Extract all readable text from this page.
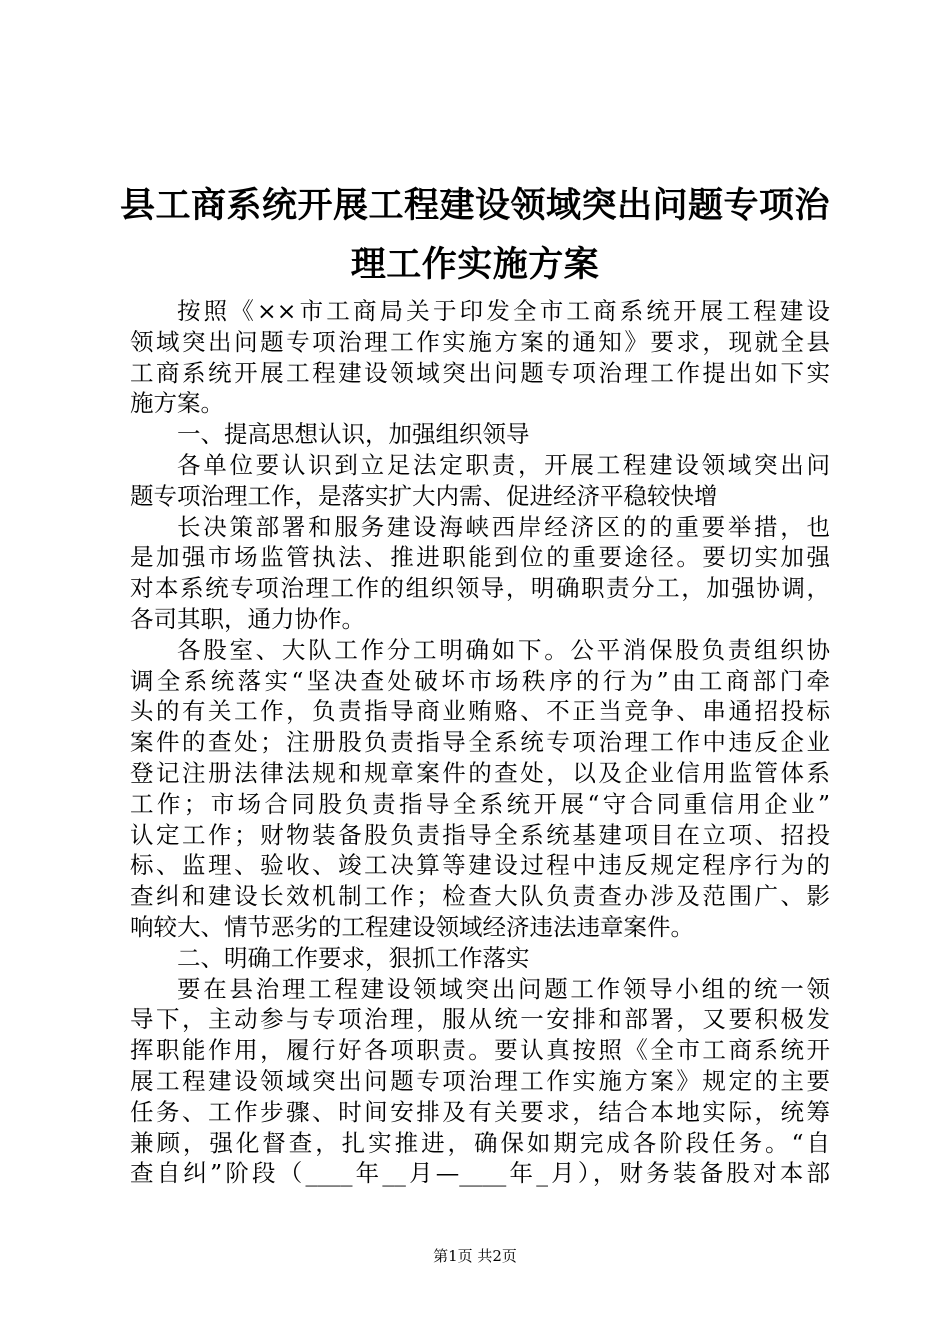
县工商系统开展工程建设领域突出问题专项治
理工作实施方案
按照《××市工商局关于印发全市工商系统开展工程建设
领域突出问题专项治理工作实施方案的通知》要求，现就全县
工商系统开展工程建设领域突出问题专项治理工作提出如下实
施方案。
一、提高思想认识，加强组织领导
各单位要认识到立足法定职责，开展工程建设领域突出问
题专项治理工作，是落实扩大内需、促进经济平稳较快增
长决策部署和服务建设海峡西岸经济区的的重要举措，也
是加强市场监管执法、推进职能到位的重要途径。要切实加强
对本系统专项治理工作的组织领导，明确职责分工，加强协调，
各司其职，通力协作。
各股室、大队工作分工明确如下。公平消保股负责组织协
调全系统落实“坚决查处破坏市场秩序的行为”由工商部门牵
头的有关工作，负责指导商业贿赂、不正当竞争、串通招投标
案件的查处；注册股负责指导全系统专项治理工作中违反企业
登记注册法律法规和规章案件的查处，以及企业信用监管体系
工作；市场合同股负责指导全系统开展“守合同重信用企业”
认定工作；财物装备股负责指导全系统基建项目在立项、招投
标、监理、验收、竣工决算等建设过程中违反规定程序行为的
查纠和建设长效机制工作；检查大队负责查办涉及范围广、影
响较大、情节恶劣的工程建设领域经济违法违章案件。
二、明确工作要求，狠抓工作落实
要在县治理工程建设领域突出问题工作领导小组的统一领
导下，主动参与专项治理，服从统一安排和部署，又要积极发
挥职能作用，履行好各项职责。要认真按照《全市工商系统开
展工程建设领域突出问题专项治理工作实施方案》规定的主要
任务、工作步骤、时间安排及有关要求，结合本地实际，统筹
兼顾，强化督查，扎实推进，确保如期完成各阶段任务。“自
查自纠”阶段（____年__月—____年_月），财务装备股对本部
第1页 共2页
